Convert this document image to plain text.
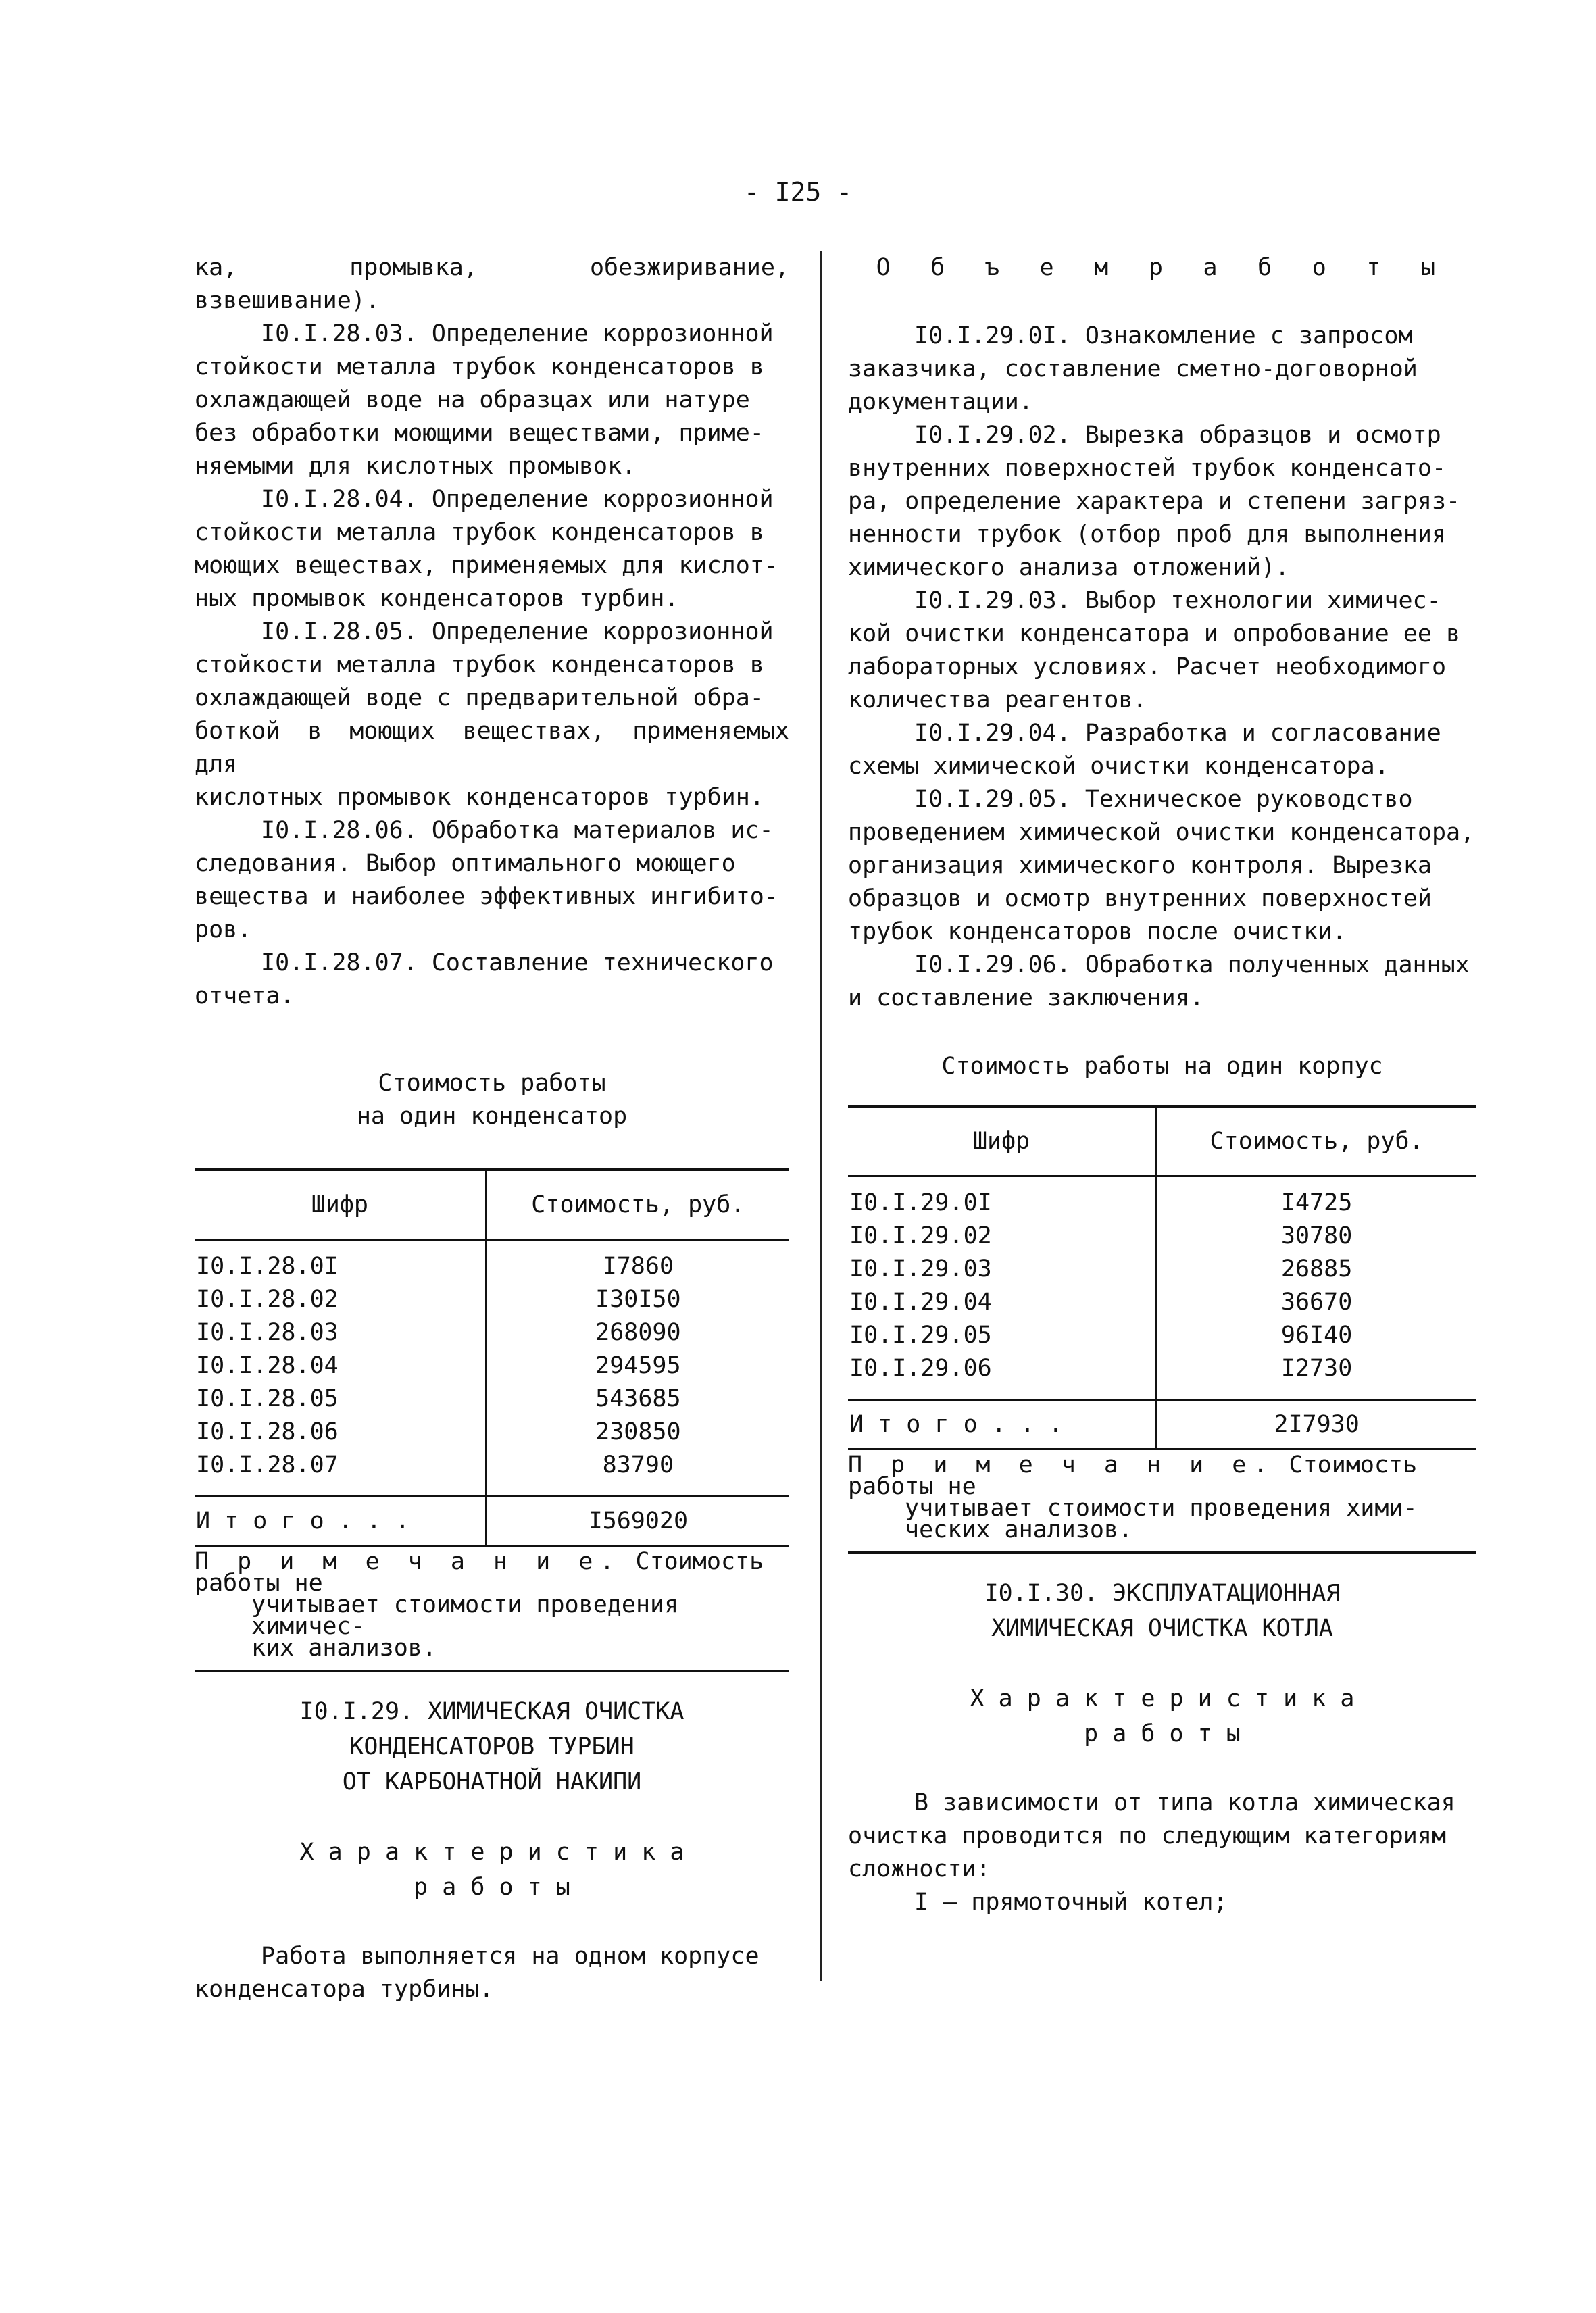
- I25 -

ка, промывка, обезжиривание, взвешивание).

I0.I.28.03. Определение коррозионной
стойкости металла трубок конденсаторов в
охлаждающей воде на образцах или натуре
без обработки моющими веществами, приме-
няемыми для кислотных промывок.
I0.I.28.04. Определение коррозионной
стойкости металла трубок конденсаторов в
моющих веществах, применяемых для кислот-
ных промывок конденсаторов турбин.
I0.I.28.05. Определение коррозионной
стойкости металла трубок конденсаторов в
охлаждающей воде с предварительной обра-
боткой в моющих веществах, применяемых для
кислотных промывок конденсаторов турбин.
I0.I.28.06. Обработка материалов ис-
следования. Выбор оптимального моющего
вещества и наиболее эффективных ингибито-
ров.
I0.I.28.07. Составление технического
отчета.
Стоимость работы
на один конденсатор
Шифр	Стоимость, руб.
I0.I.28.0I	I7860
I0.I.28.02	I30I50
I0.I.28.03	268090
I0.I.28.04	294595
I0.I.28.05	543685
I0.I.28.06	230850
I0.I.28.07	83790
И т о г о . . .	I569020
П р и м е ч а н и е. Стоимость работы не
учитывает стоимости проведения химичес-
ких анализов.
I0.I.29. ХИМИЧЕСКАЯ ОЧИСТКА
КОНДЕНСАТОРОВ ТУРБИН
ОТ КАРБОНАТНОЙ НАКИПИ
Х а р а к т е р и с т и к а
р а б о т ы
Работа выполняется на одном корпусе
конденсатора турбины.
О б ъ е м р а б о т ы
I0.I.29.0I. Ознакомление с запросом
заказчика, составление сметно-договорной
документации.
I0.I.29.02. Вырезка образцов и осмотр
внутренних поверхностей трубок конденсато-
ра, определение характера и степени загряз-
ненности трубок (отбор проб для выполнения
химического анализа отложений).
I0.I.29.03. Выбор технологии химичес-
кой очистки конденсатора и опробование ее в
лабораторных условиях. Расчет необходимого
количества реагентов.
I0.I.29.04. Разработка и согласование
схемы химической очистки конденсатора.
I0.I.29.05. Техническое руководство
проведением химической очистки конденсатора,
организация химического контроля. Вырезка
образцов и осмотр внутренних поверхностей
трубок конденсаторов после очистки.
I0.I.29.06. Обработка полученных данных
и составление заключения.
Стоимость работы на один корпус
Шифр	Стоимость, руб.
I0.I.29.0I	I4725
I0.I.29.02	30780
I0.I.29.03	26885
I0.I.29.04	36670
I0.I.29.05	96I40
I0.I.29.06	I2730
И т о г о . . .	2I7930
П р и м е ч а н и е. Стоимость работы не
учитывает стоимости проведения хими-
ческих анализов.
I0.I.30. ЭКСПЛУАТАЦИОННАЯ
ХИМИЧЕСКАЯ ОЧИСТКА КОТЛА
Х а р а к т е р и с т и к а
р а б о т ы
В зависимости от типа котла химическая
очистка проводится по следующим категориям
сложности:
I – прямоточный котел;
